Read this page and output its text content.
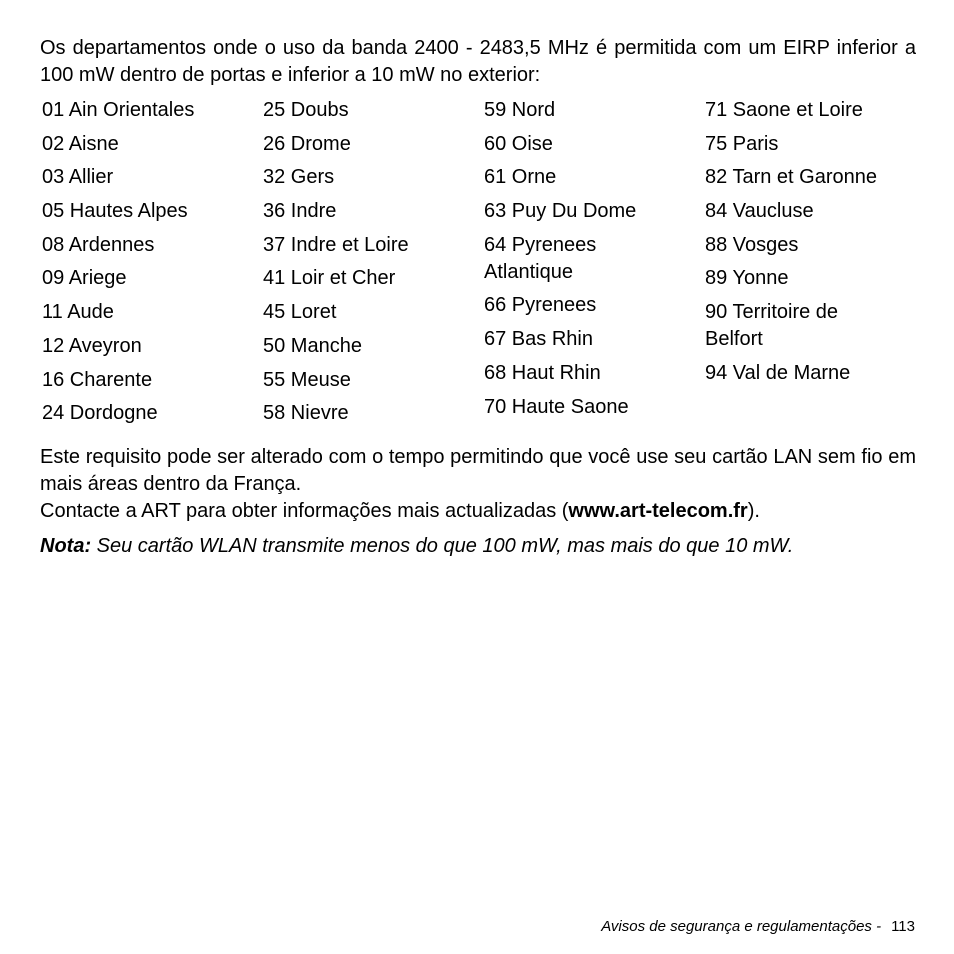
Os departamentos onde o uso da banda 2400 - 2483,5 MHz é permitida com um EIRP inferior a 100 mW dentro de portas e inferior a 10 mW no exterior:

01 Ain Orientales
02 Aisne
03 Allier
05 Hautes Alpes
08 Ardennes
09 Ariege
11 Aude
12 Aveyron
16 Charente
24 Dordogne
25 Doubs
26 Drome
32 Gers
36 Indre
37 Indre et Loire
41 Loir et Cher
45 Loret
50 Manche
55 Meuse
58 Nievre
59 Nord
60 Oise
61 Orne
63 Puy Du Dome
64 Pyrenees Atlantique
66 Pyrenees
67 Bas Rhin
68 Haut Rhin
70 Haute Saone
71 Saone et Loire
75 Paris
82 Tarn et Garonne
84 Vaucluse
88 Vosges
89 Yonne
90 Territoire de Belfort
94 Val de Marne

Este requisito pode ser alterado com o tempo permitindo que você use seu cartão LAN sem fio em mais áreas dentro da França.

Contacte a ART para obter informações mais actualizadas (www.art-telecom.fr).

Nota: Seu cartão WLAN transmite menos do que 100 mW, mas mais do que 10 mW.

Avisos de segurança e regulamentações - 113
